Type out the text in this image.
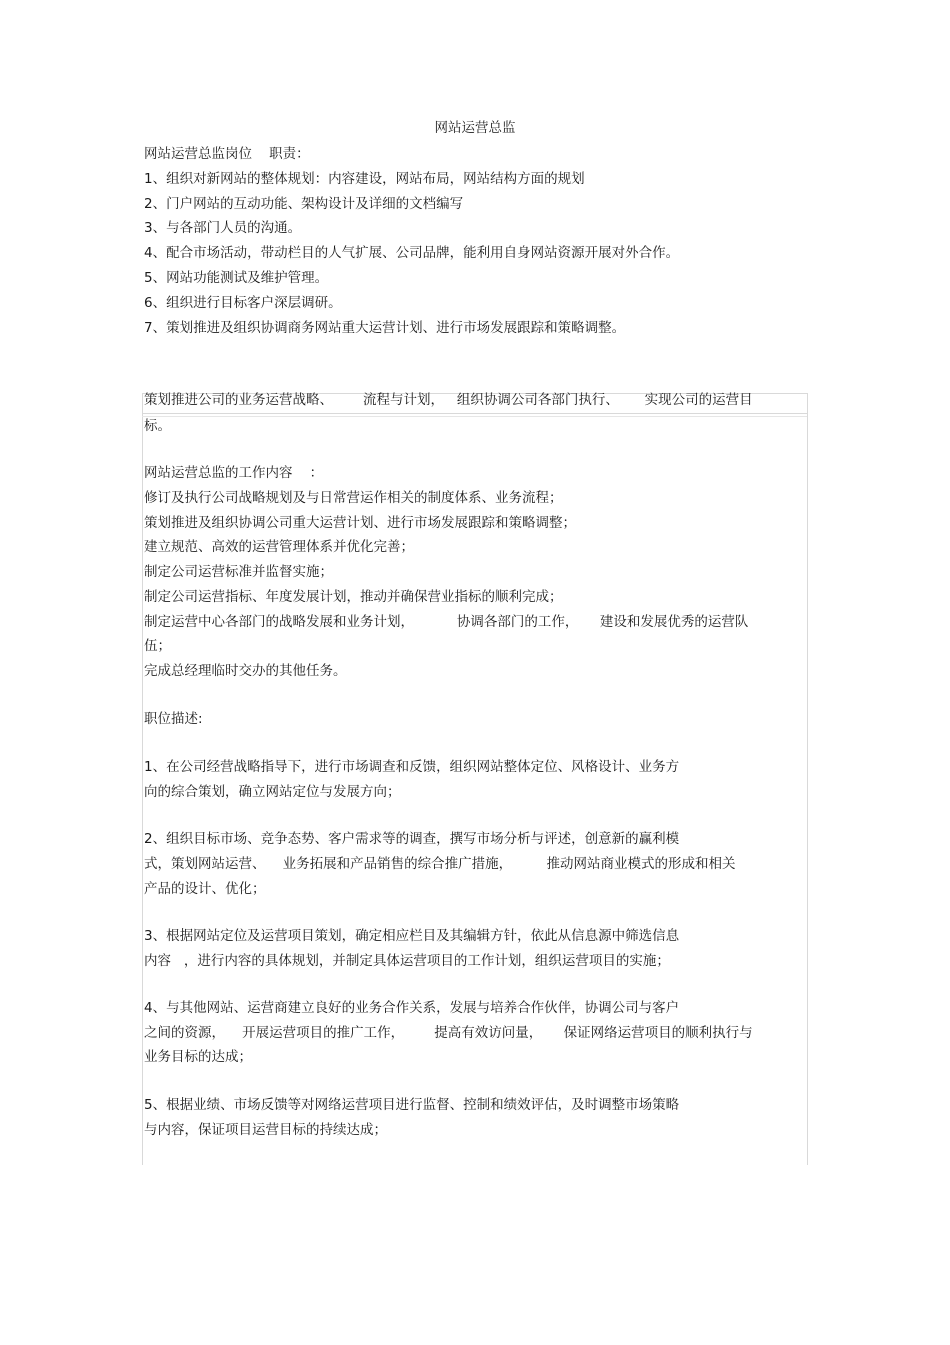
网站运营总监
网站运营总监岗位    职责：
1、组织对新网站的整体规划：内容建设，网站布局，网站结构方面的规划
2、门户网站的互动功能、架构设计及详细的文档编写
3、与各部门人员的沟通。
4、配合市场活动，带动栏目的人气扩展、公司品牌，能利用自身网站资源开展对外合作。
5、网站功能测试及维护管理。
6、组织进行目标客户深层调研。
7、策划推进及组织协调商务网站重大运营计划、进行市场发展跟踪和策略调整。
策划推进公司的业务运营战略、       流程与计划，   组织协调公司各部门执行、      实现公司的运营目
标。
网站运营总监的工作内容    ：
修订及执行公司战略规划及与日常营运作相关的制度体系、业务流程；
策划推进及组织协调公司重大运营计划、进行市场发展跟踪和策略调整；
建立规范、高效的运营管理体系并优化完善；
制定公司运营标准并监督实施；
制定公司运营指标、年度发展计划，推动并确保营业指标的顺利完成；
制定运营中心各部门的战略发展和业务计划，          协调各部门的工作，     建设和发展优秀的运营队
伍；
完成总经理临时交办的其他任务。
职位描述:
1、在公司经营战略指导下，进行市场调查和反馈，组织网站整体定位、风格设计、业务方
向的综合策划，确立网站定位与发展方向；
2、组织目标市场、竞争态势、客户需求等的调查，撰写市场分析与评述，创意新的赢利模
式，策划网站运营、    业务拓展和产品销售的综合推广措施，        推动网站商业模式的形成和相关
产品的设计、优化；
3、根据网站定位及运营项目策划，确定相应栏目及其编辑方针，依此从信息源中筛选信息
内容   ，进行内容的具体规划，并制定具体运营项目的工作计划，组织运营项目的实施；
4、与其他网站、运营商建立良好的业务合作关系，发展与培养合作伙伴，协调公司与客户
之间的资源，    开展运营项目的推广工作，       提高有效访问量，     保证网络运营项目的顺利执行与
业务目标的达成；
5、根据业绩、市场反馈等对网络运营项目进行监督、控制和绩效评估，及时调整市场策略
与内容，保证项目运营目标的持续达成；
